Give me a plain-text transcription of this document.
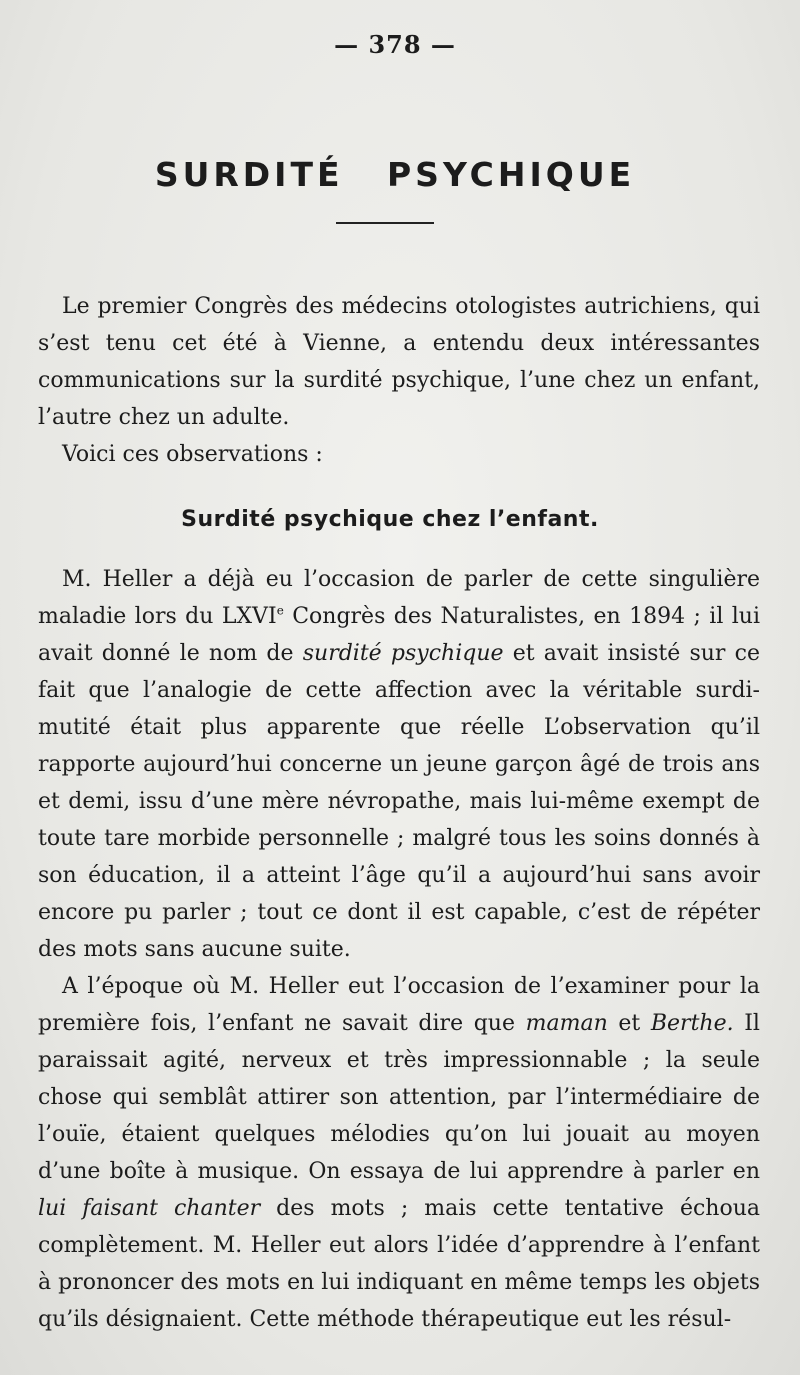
— 378 —
SURDITÉ PSYCHIQUE

Le premier Congrès des médecins otologistes autrichiens, qui s’est tenu cet été à Vienne, a entendu deux intéressantes communications sur la surdité psychique, l’une chez un enfant, l’autre chez un adulte.

Voici ces observations :

Surdité psychique chez l’enfant.

M. Heller a déjà eu l’occasion de parler de cette singulière maladie lors du LXVIe Congrès des Naturalistes, en 1894 ; il lui avait donné le nom de surdité psychique et avait insisté sur ce fait que l’analogie de cette affection avec la véritable surdi-mutité était plus apparente que réelle L’observation qu’il rapporte aujourd’hui concerne un jeune garçon âgé de trois ans et demi, issu d’une mère névropathe, mais lui-même exempt de toute tare morbide personnelle ; malgré tous les soins donnés à son éducation, il a atteint l’âge qu’il a aujourd’hui sans avoir encore pu parler ; tout ce dont il est capable, c’est de répéter des mots sans aucune suite.

A l’époque où M. Heller eut l’occasion de l’examiner pour la première fois, l’enfant ne savait dire que maman et Berthe. Il paraissait agité, nerveux et très impressionnable ; la seule chose qui semblât attirer son attention, par l’intermédiaire de l’ouïe, étaient quelques mélodies qu’on lui jouait au moyen d’une boîte à musique. On essaya de lui apprendre à parler en lui faisant chanter des mots ; mais cette tentative échoua complètement. M. Heller eut alors l’idée d’apprendre à l’enfant à prononcer des mots en lui indiquant en même temps les objets qu’ils désignaient. Cette méthode thérapeutique eut les résul-
